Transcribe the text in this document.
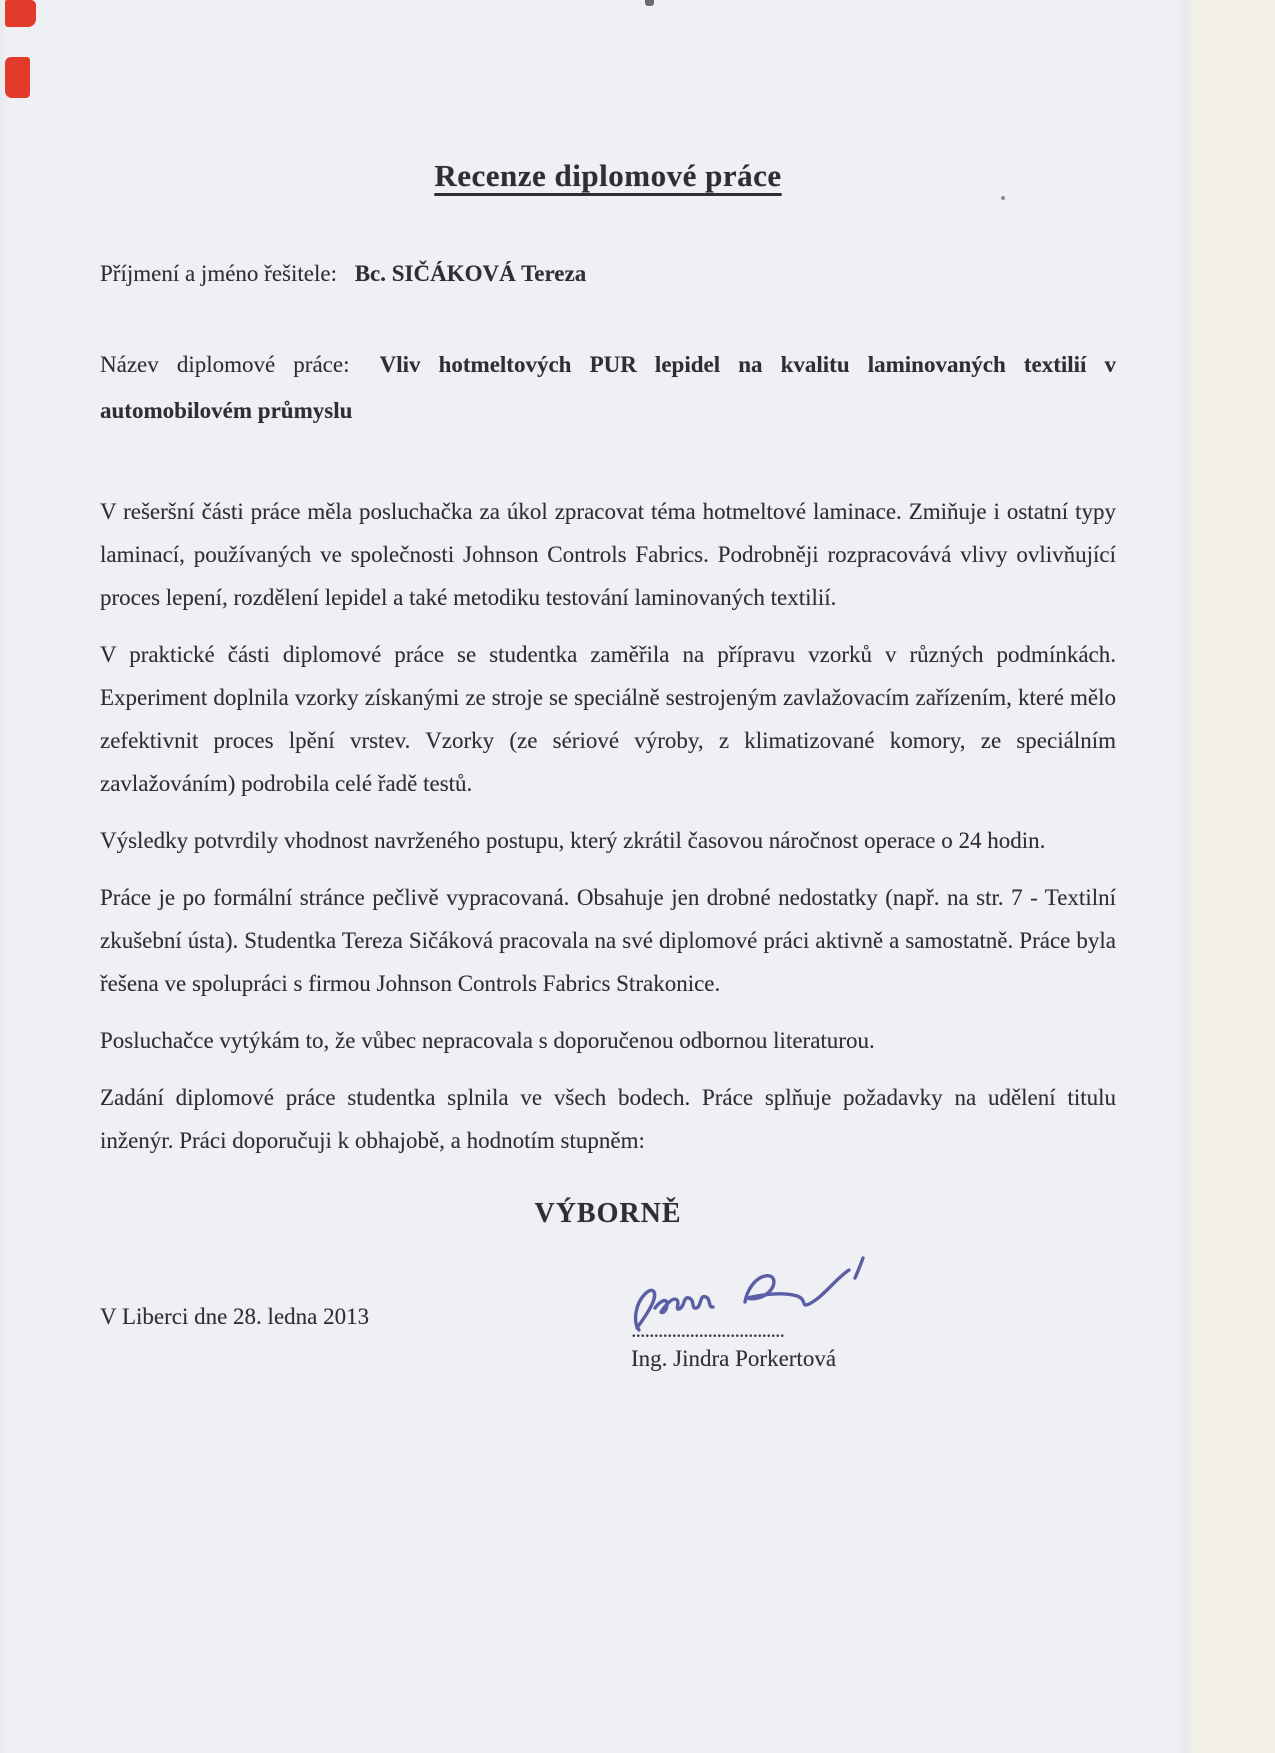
Recenze diplomové práce
Příjmení a jméno řešitele: Bc. SIČÁKOVÁ Tereza
Název diplomové práce: Vliv hotmeltových PUR lepidel na kvalitu laminovaných textilií v automobilovém průmyslu

V rešeršní části práce měla posluchačka za úkol zpracovat téma hotmeltové laminace. Zmiňuje i ostatní typy laminací, používaných ve společnosti Johnson Controls Fabrics. Podrobněji rozpracovává vlivy ovlivňující proces lepení, rozdělení lepidel a také metodiku testování laminovaných textilií.

V praktické části diplomové práce se studentka zaměřila na přípravu vzorků v různých podmínkách. Experiment doplnila vzorky získanými ze stroje se speciálně sestrojeným zavlažovacím zařízením, které mělo zefektivnit proces lpění vrstev. Vzorky (ze sériové výroby, z klimatizované komory, ze speciálním zavlažováním) podrobila celé řadě testů.

Výsledky potvrdily vhodnost navrženého postupu, který zkrátil časovou náročnost operace o 24 hodin.

Práce je po formální stránce pečlivě vypracovaná. Obsahuje jen drobné nedostatky (např. na str. 7 - Textilní zkušební ústa). Studentka Tereza Sičáková pracovala na své diplomové práci aktivně a samostatně. Práce byla řešena ve spolupráci s firmou Johnson Controls Fabrics Strakonice.

Posluchačce vytýkám to, že vůbec nepracovala s doporučenou odbornou literaturou.

Zadání diplomové práce studentka splnila ve všech bodech. Práce splňuje požadavky na udělení titulu inženýr. Práci doporučuji k obhajobě, a hodnotím stupněm:

VÝBORNĚ
V Liberci dne 28. ledna 2013
..................................
Ing. Jindra Porkertová
